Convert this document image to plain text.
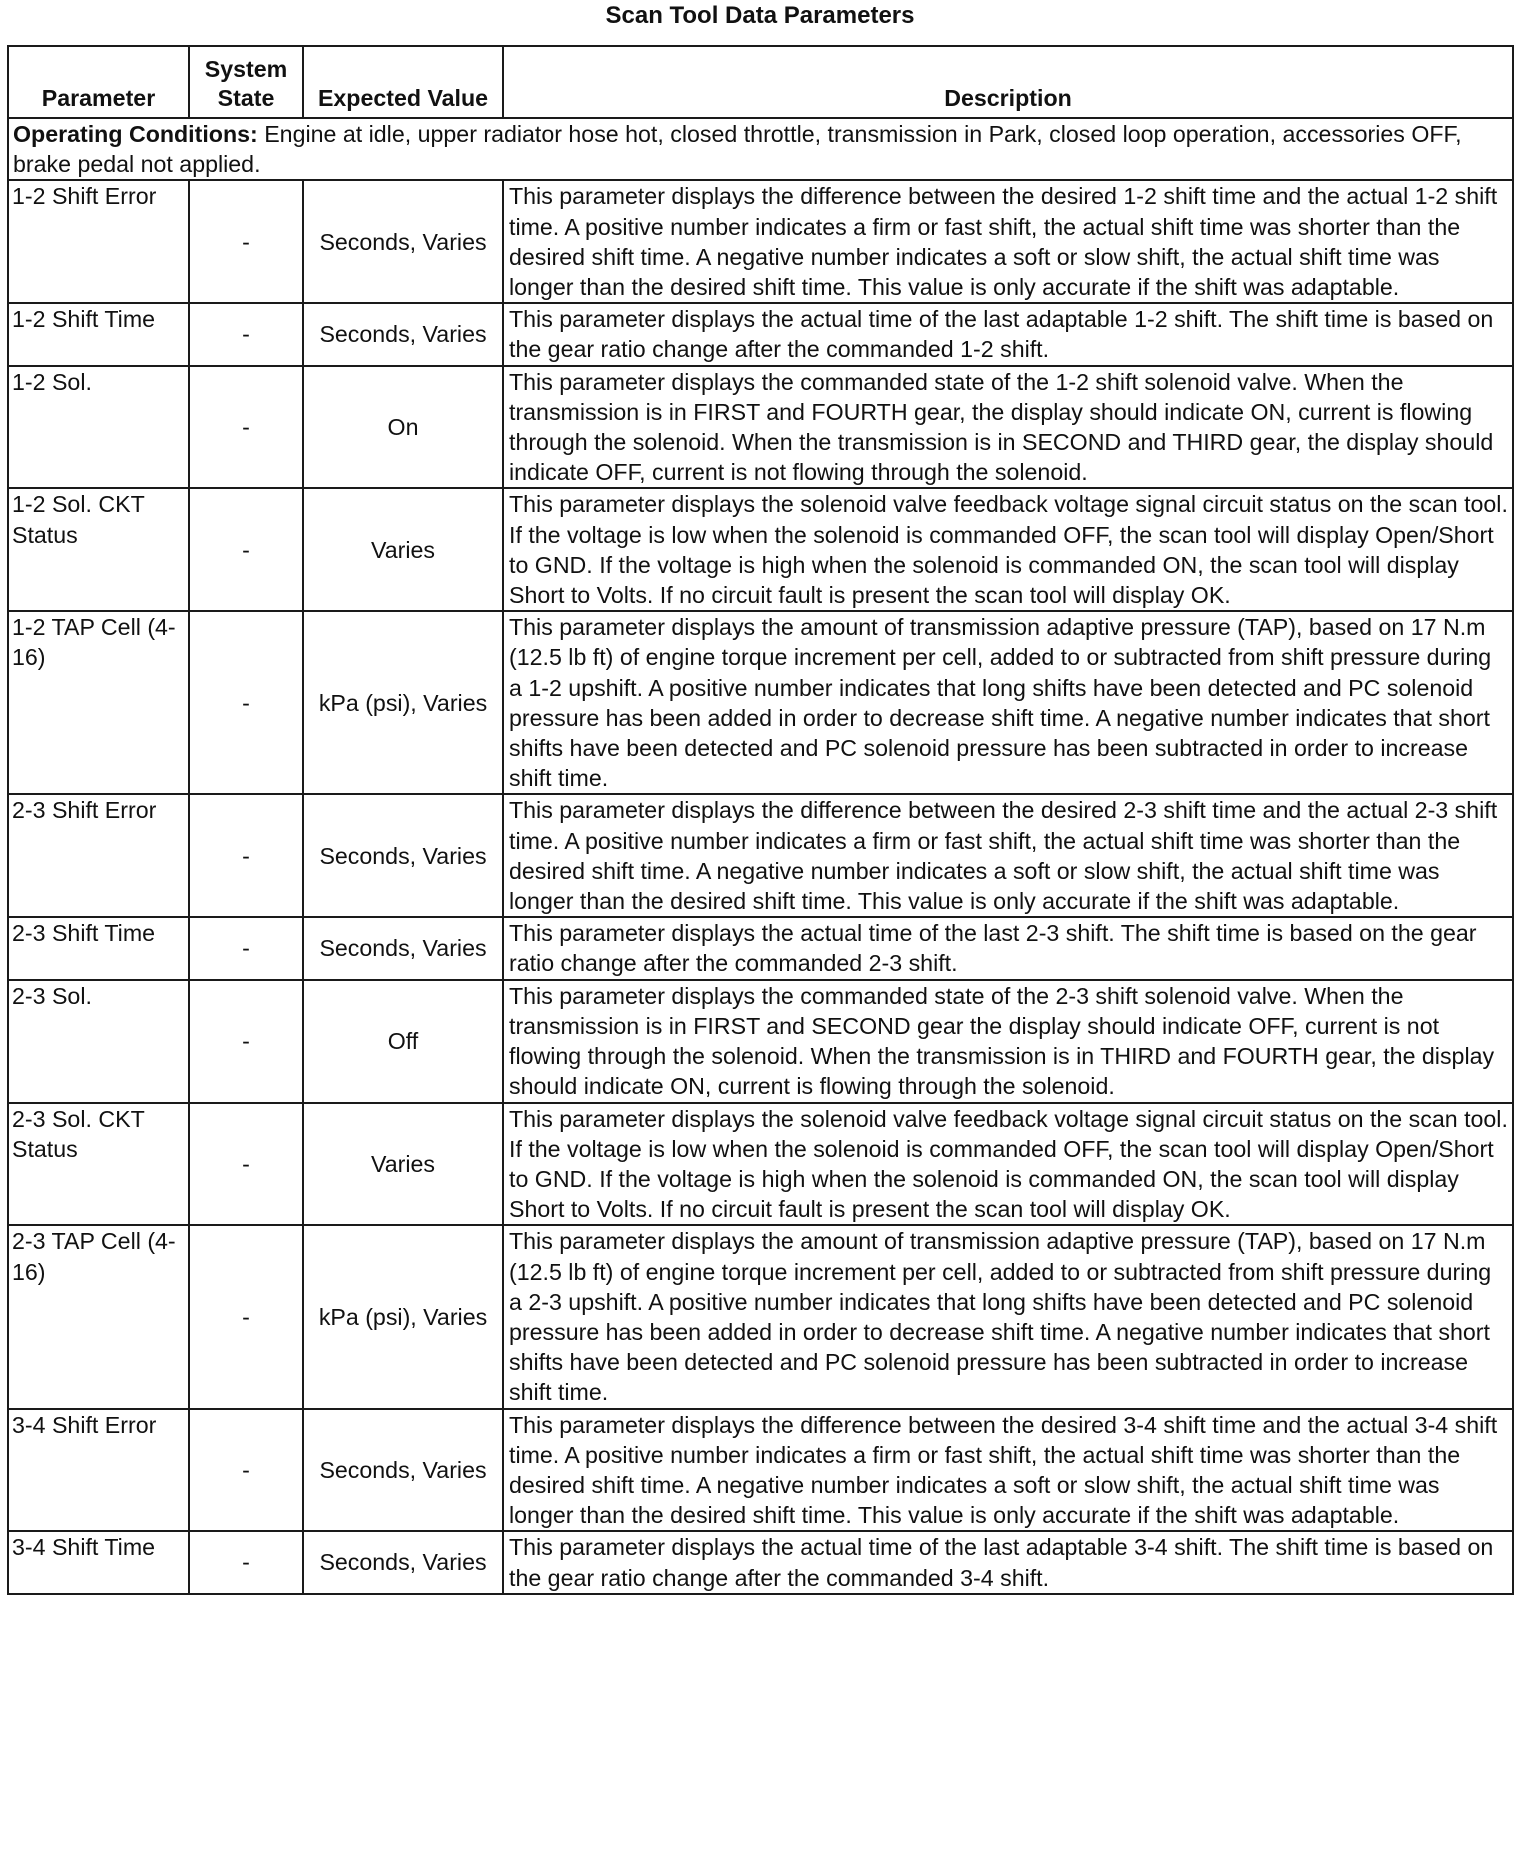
Scan Tool Data Parameters
Parameter	System State	Expected Value	Description
Operating Conditions: Engine at idle, upper radiator hose hot, closed throttle, transmission in Park, closed loop operation, accessories OFF, brake pedal not applied.			
1-2 Shift Error	-	Seconds, Varies	This parameter displays the difference between the desired 1-2 shift time and the actual 1-2 shift time. A positive number indicates a firm or fast shift, the actual shift time was shorter than the desired shift time. A negative number indicates a soft or slow shift, the actual shift time was longer than the desired shift time. This value is only accurate if the shift was adaptable.
1-2 Shift Time	-	Seconds, Varies	This parameter displays the actual time of the last adaptable 1-2 shift. The shift time is based on the gear ratio change after the commanded 1-2 shift.
1-2 Sol.	-	On	This parameter displays the commanded state of the 1-2 shift solenoid valve. When the transmission is in FIRST and FOURTH gear, the display should indicate ON, current is flowing through the solenoid. When the transmission is in SECOND and THIRD gear, the display should indicate OFF, current is not flowing through the solenoid.
1-2 Sol. CKT Status	-	Varies	This parameter displays the solenoid valve feedback voltage signal circuit status on the scan tool. If the voltage is low when the solenoid is commanded OFF, the scan tool will display Open/Short to GND. If the voltage is high when the solenoid is commanded ON, the scan tool will display Short to Volts. If no circuit fault is present the scan tool will display OK.
1-2 TAP Cell (4-16)	-	kPa (psi), Varies	This parameter displays the amount of transmission adaptive pressure (TAP), based on 17 N.m (12.5 lb ft) of engine torque increment per cell, added to or subtracted from shift pressure during a 1-2 upshift. A positive number indicates that long shifts have been detected and PC solenoid pressure has been added in order to decrease shift time. A negative number indicates that short shifts have been detected and PC solenoid pressure has been subtracted in order to increase shift time.
2-3 Shift Error	-	Seconds, Varies	This parameter displays the difference between the desired 2-3 shift time and the actual 2-3 shift time. A positive number indicates a firm or fast shift, the actual shift time was shorter than the desired shift time. A negative number indicates a soft or slow shift, the actual shift time was longer than the desired shift time. This value is only accurate if the shift was adaptable.
2-3 Shift Time	-	Seconds, Varies	This parameter displays the actual time of the last 2-3 shift. The shift time is based on the gear ratio change after the commanded 2-3 shift.
2-3 Sol.	-	Off	This parameter displays the commanded state of the 2-3 shift solenoid valve. When the transmission is in FIRST and SECOND gear the display should indicate OFF, current is not flowing through the solenoid. When the transmission is in THIRD and FOURTH gear, the display should indicate ON, current is flowing through the solenoid.
2-3 Sol. CKT Status	-	Varies	This parameter displays the solenoid valve feedback voltage signal circuit status on the scan tool. If the voltage is low when the solenoid is commanded OFF, the scan tool will display Open/Short to GND. If the voltage is high when the solenoid is commanded ON, the scan tool will display Short to Volts. If no circuit fault is present the scan tool will display OK.
2-3 TAP Cell (4-16)	-	kPa (psi), Varies	This parameter displays the amount of transmission adaptive pressure (TAP), based on 17 N.m (12.5 lb ft) of engine torque increment per cell, added to or subtracted from shift pressure during a 2-3 upshift. A positive number indicates that long shifts have been detected and PC solenoid pressure has been added in order to decrease shift time. A negative number indicates that short shifts have been detected and PC solenoid pressure has been subtracted in order to increase shift time.
3-4 Shift Error	-	Seconds, Varies	This parameter displays the difference between the desired 3-4 shift time and the actual 3-4 shift time. A positive number indicates a firm or fast shift, the actual shift time was shorter than the desired shift time. A negative number indicates a soft or slow shift, the actual shift time was longer than the desired shift time. This value is only accurate if the shift was adaptable.
3-4 Shift Time	-	Seconds, Varies	This parameter displays the actual time of the last adaptable 3-4 shift. The shift time is based on the gear ratio change after the commanded 3-4 shift.
